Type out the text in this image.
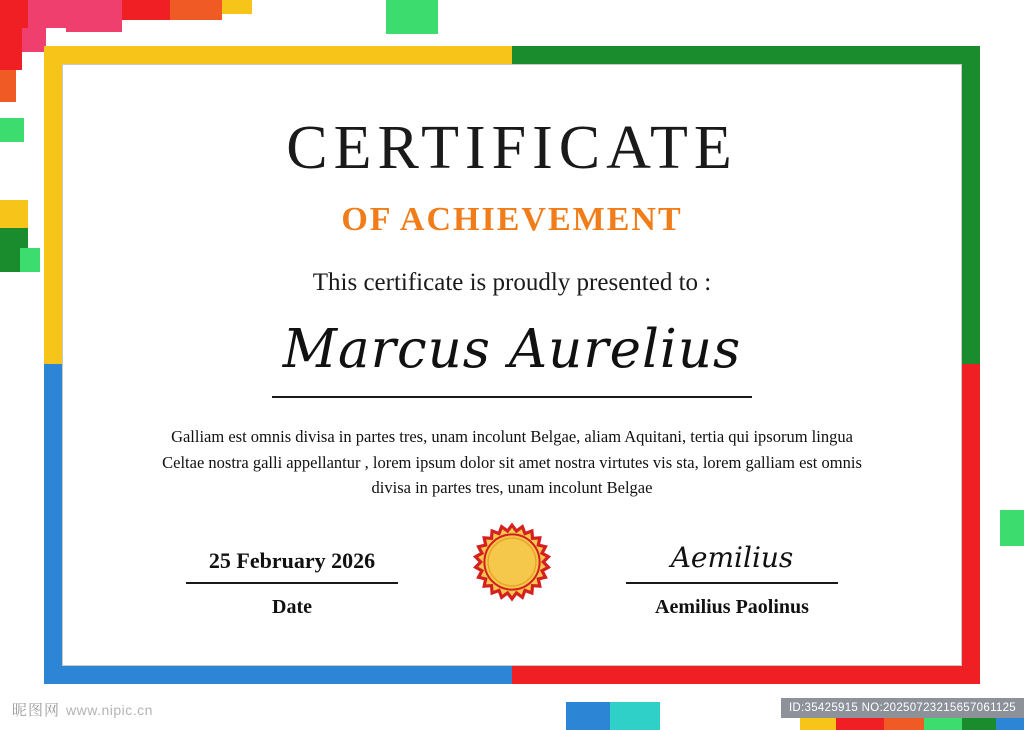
CERTIFICATE
OF ACHIEVEMENT
This certificate is proudly presented to :
Marcus Aurelius
Galliam est omnis divisa in partes tres, unam incolunt Belgae, aliam Aquitani, tertia qui ipsorum lingua Celtae nostra galli appellantur , lorem ipsum dolor sit amet nostra virtutes vis sta, lorem galliam est omnis divisa in partes tres, unam incolunt Belgae
25 February 2026
Date
Aemilius
Aemilius Paolinus
昵图网 www.nipic.cn	ID:35425915 NO:20250723215657061125
